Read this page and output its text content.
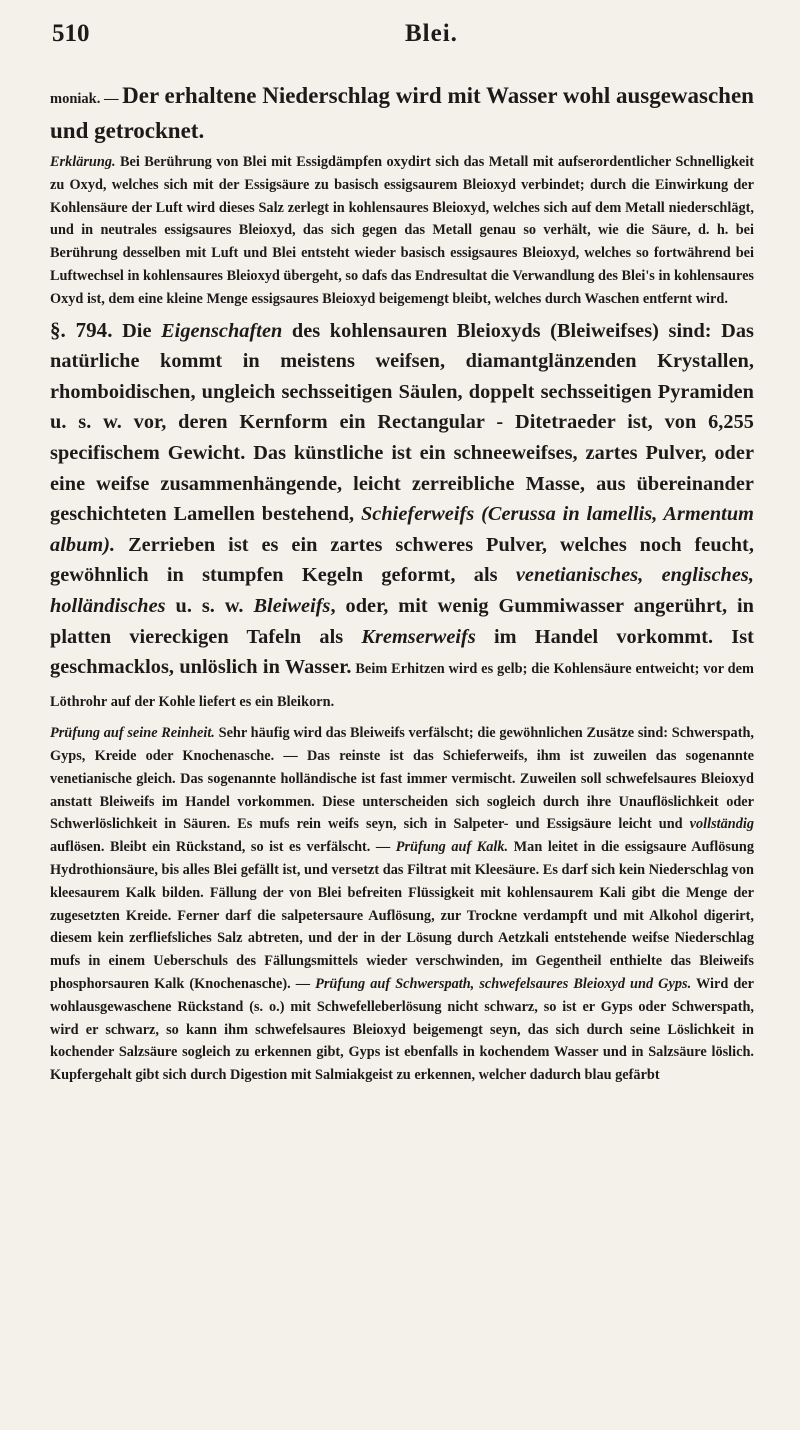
510	Blei.

moniak. — Der erhaltene Niederschlag wird mit Wasser wohl ausgewaschen und getrocknet.

Erklärung. Bei Berührung von Blei mit Essigdämpfen oxydirt sich das Metall mit aufserordentlicher Schnelligkeit zu Oxyd, welches sich mit der Essigsäure zu basisch essigsaurem Bleioxyd verbindet; durch die Einwirkung der Kohlensäure der Luft wird dieses Salz zerlegt in kohlensaures Bleioxyd, welches sich auf dem Metall niederschlägt, und in neutrales essigsaures Bleioxyd, das sich gegen das Metall genau so verhält, wie die Säure, d. h. bei Berührung desselben mit Luft und Blei entsteht wieder basisch essigsaures Bleioxyd, welches so fortwährend bei Luftwechsel in kohlensaures Bleioxyd übergeht, so dafs das Endresultat die Verwandlung des Blei's in kohlensaures Oxyd ist, dem eine kleine Menge essigsaures Bleioxyd beigemengt bleibt, welches durch Waschen entfernt wird.

§. 794. Die Eigenschaften des kohlensauren Bleioxyds (Bleiweifses) sind: Das natürliche kommt in meistens weifsen, diamantglänzenden Krystallen, rhomboidischen, ungleich sechsseitigen Säulen, doppelt sechsseitigen Pyramiden u. s. w. vor, deren Kernform ein Rectangular - Ditetraeder ist, von 6,255 specifischem Gewicht. Das künstliche ist ein schneeweifses, zartes Pulver, oder eine weifse zusammenhängende, leicht zerreibliche Masse, aus übereinander geschichteten Lamellen bestehend, Schieferweifs (Cerussa in lamellis, Armentum album). Zerrieben ist es ein zartes schweres Pulver, welches noch feucht, gewöhnlich in stumpfen Kegeln geformt, als venetianisches, englisches, holländisches u. s. w. Bleiweifs, oder, mit wenig Gummiwasser angerührt, in platten viereckigen Tafeln als Kremserweifs im Handel vorkommt. Ist geschmacklos, unlöslich in Wasser. Beim Erhitzen wird es gelb; die Kohlensäure entweicht; vor dem Löthrohr auf der Kohle liefert es ein Bleikorn.

Prüfung auf seine Reinheit. Sehr häufig wird das Bleiweifs verfälscht; die gewöhnlichen Zusätze sind: Schwerspath, Gyps, Kreide oder Knochenasche. — Das reinste ist das Schieferweifs, ihm ist zuweilen das sogenannte venetianische gleich. Das sogenannte holländische ist fast immer vermischt. Zuweilen soll schwefelsaures Bleioxyd anstatt Bleiweifs im Handel vorkommen. Diese unterscheiden sich sogleich durch ihre Unauflöslichkeit oder Schwerlöslichkeit in Säuren. Es mufs rein weifs seyn, sich in Salpeter- und Essigsäure leicht und vollständig auflösen. Bleibt ein Rückstand, so ist es verfälscht. — Prüfung auf Kalk. Man leitet in die essigsaure Auflösung Hydrothionsäure, bis alles Blei gefällt ist, und versetzt das Filtrat mit Kleesäure. Es darf sich kein Niederschlag von kleesaurem Kalk bilden. Fällung der von Blei befreiten Flüssigkeit mit kohlensaurem Kali gibt die Menge der zugesetzten Kreide. Ferner darf die salpetersaure Auflösung, zur Trockne verdampft und mit Alkohol digerirt, diesem kein zerfliefsliches Salz abtreten, und der in der Lösung durch Aetzkali entstehende weifse Niederschlag mufs in einem Ueberschuls des Fällungsmittels wieder verschwinden, im Gegentheil enthielte das Bleiweifs phosphorsauren Kalk (Knochenasche). — Prüfung auf Schwerspath, schwefelsaures Bleioxyd und Gyps. Wird der wohlausgewaschene Rückstand (s. o.) mit Schwefelleberlösung nicht schwarz, so ist er Gyps oder Schwerspath, wird er schwarz, so kann ihm schwefelsaures Bleioxyd beigemengt seyn, das sich durch seine Löslichkeit in kochender Salzsäure sogleich zu erkennen gibt, Gyps ist ebenfalls in kochendem Wasser und in Salzsäure löslich. Kupfergehalt gibt sich durch Digestion mit Salmiakgeist zu erkennen, welcher dadurch blau gefärbt
